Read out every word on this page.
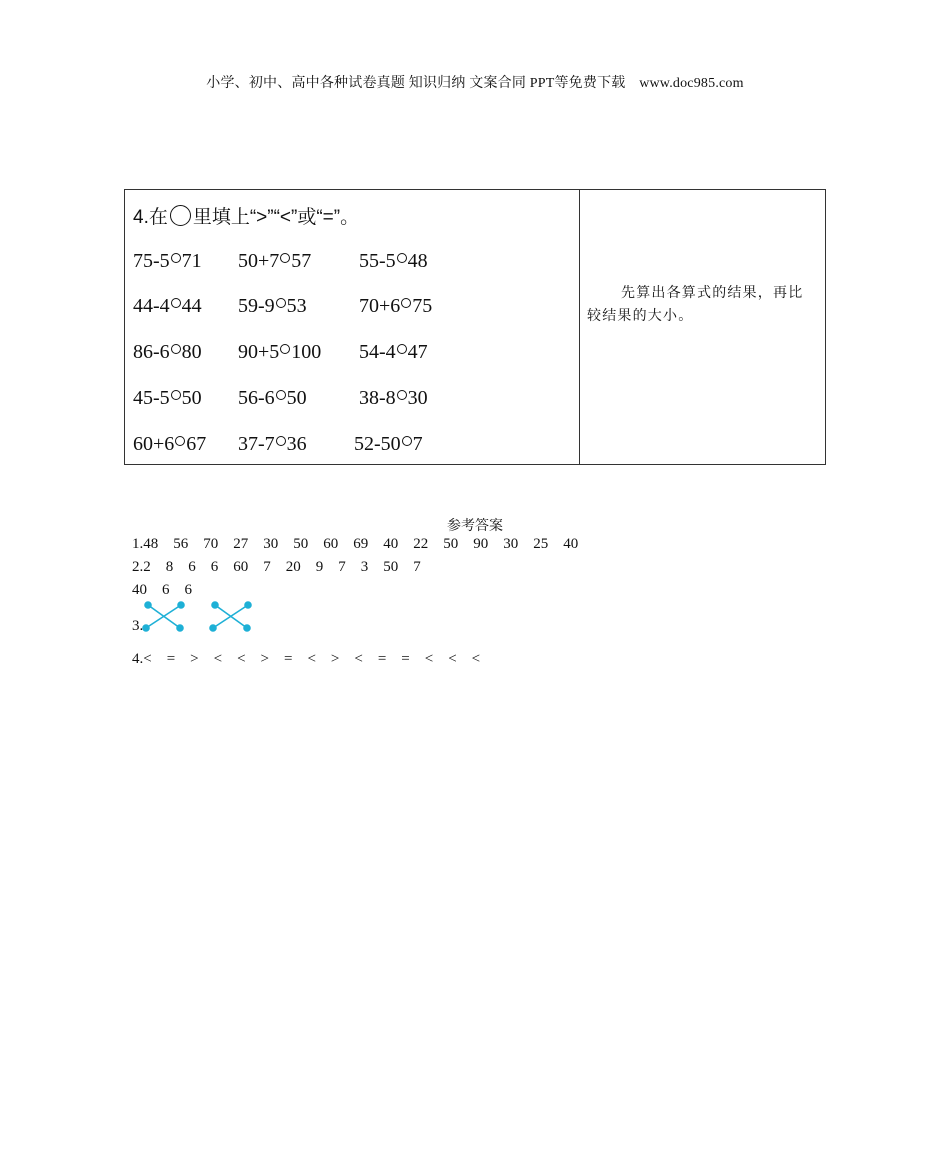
小学、初中、高中各种试卷真题 知识归纳 文案合同 PPT等免费下载 www.doc985.com
4.在 里填上“>”“<”或“=”。
75-5 71 50+7 57 55-5 48
44-4 44 59-9 53	70+6 75
86-6 80 90+5 100 54-4 47
45-5 50 56-6 50	38-8 30
60+6 67 37-7 36 52-50 7
先算出各算式的结果，再比较结果的大小。
参考答案
1.48    56    70    27    30    50    60    69    40    22    50    90    30    25    40
2.2    8    6    6    60    7    20    9    7    3    50    7
40    6    6
3.
4.<    =    >    <    <    >    =    <    >    <    =    =    <    <    <
